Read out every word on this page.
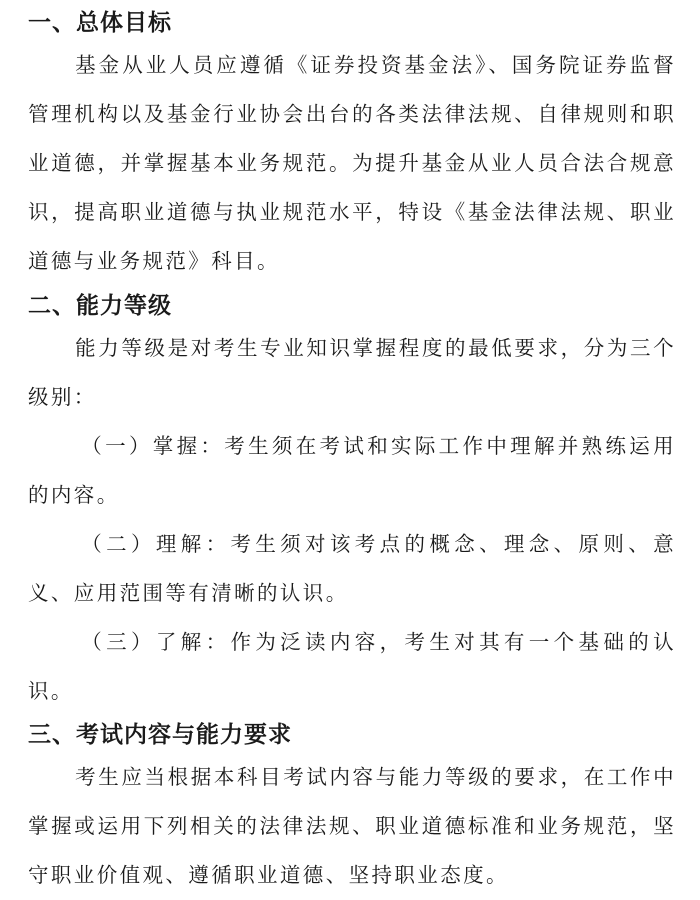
一、总体目标

基金从业人员应遵循《证券投资基金法》、国务院证券监督管理机构以及基金行业协会出台的各类法律法规、自律规则和职业道德，并掌握基本业务规范。为提升基金从业人员合法合规意识，提高职业道德与执业规范水平，特设《基金法律法规、职业道德与业务规范》科目。

二、能力等级

能力等级是对考生专业知识掌握程度的最低要求，分为三个级别：

（一）掌握：考生须在考试和实际工作中理解并熟练运用的内容。

（二）理解：考生须对该考点的概念、理念、原则、意义、应用范围等有清晰的认识。

（三）了解：作为泛读内容，考生对其有一个基础的认识。

三、考试内容与能力要求

考生应当根据本科目考试内容与能力等级的要求，在工作中掌握或运用下列相关的法律法规、职业道德标准和业务规范，坚守职业价值观、遵循职业道德、坚持职业态度。
